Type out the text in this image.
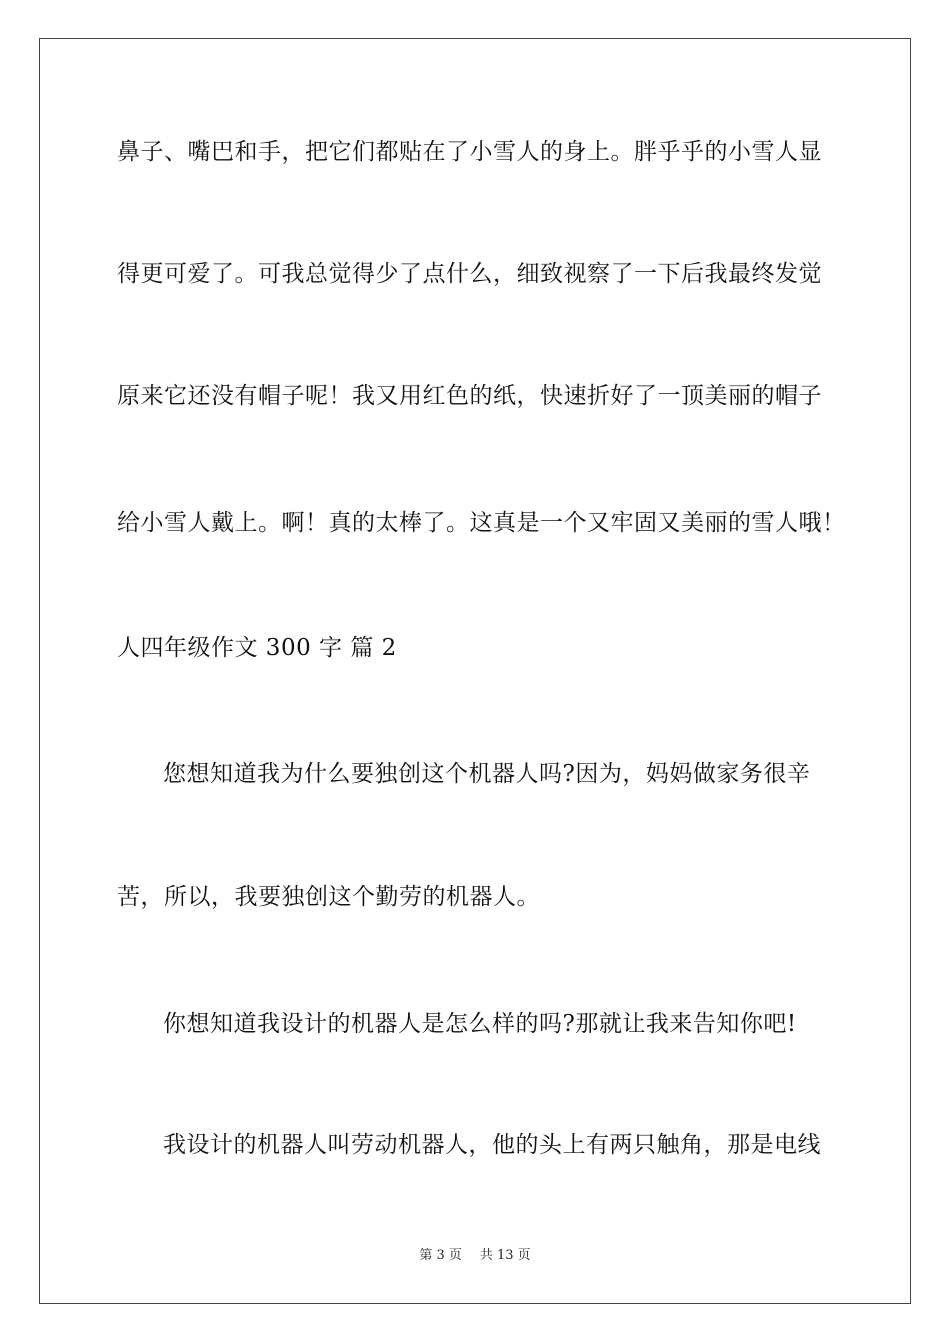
鼻子、嘴巴和手，把它们都贴在了小雪人的身上。胖乎乎的小雪人显
得更可爱了。可我总觉得少了点什么，细致视察了一下后我最终发觉
原来它还没有帽子呢！我又用红色的纸，快速折好了一顶美丽的帽子
给小雪人戴上。啊！真的太棒了。这真是一个又牢固又美丽的雪人哦！
人四年级作文 300 字 篇 2
您想知道我为什么要独创这个机器人吗?因为，妈妈做家务很辛
苦，所以，我要独创这个勤劳的机器人。
你想知道我设计的机器人是怎么样的吗?那就让我来告知你吧!
我设计的机器人叫劳动机器人，他的头上有两只触角，那是电线
第 3 页 共 13 页
